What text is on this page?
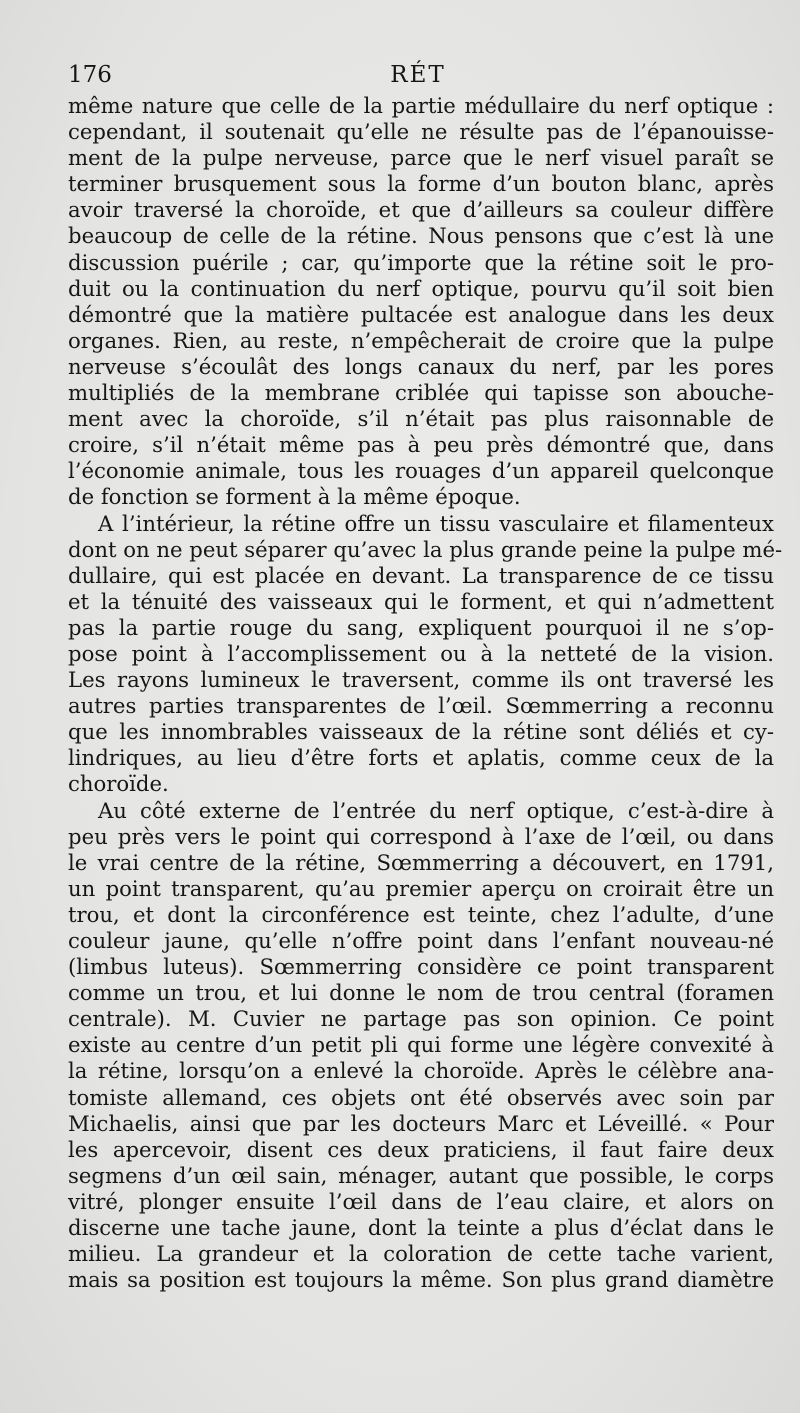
176	RÉT
même nature que celle de la partie médullaire du nerf optique :
cependant, il soutenait qu’elle ne résulte pas de l’épanouisse-
ment de la pulpe nerveuse, parce que le nerf visuel paraît se
terminer brusquement sous la forme d’un bouton blanc, après
avoir traversé la choroïde, et que d’ailleurs sa couleur diffère
beaucoup de celle de la rétine. Nous pensons que c’est là une
discussion puérile ; car, qu’importe que la rétine soit le pro-
duit ou la continuation du nerf optique, pourvu qu’il soit bien
démontré que la matière pultacée est analogue dans les deux
organes. Rien, au reste, n’empêcherait de croire que la pulpe
nerveuse s’écoulât des longs canaux du nerf, par les pores
multipliés de la membrane criblée qui tapisse son abouche-
ment avec la choroïde, s’il n’était pas plus raisonnable de
croire, s’il n’était même pas à peu près démontré que, dans
l’économie animale, tous les rouages d’un appareil quelconque
de fonction se forment à la même époque.
A l’intérieur, la rétine offre un tissu vasculaire et filamenteux
dont on ne peut séparer qu’avec la plus grande peine la pulpe mé-
dullaire, qui est placée en devant. La transparence de ce tissu
et la ténuité des vaisseaux qui le forment, et qui n’admettent
pas la partie rouge du sang, expliquent pourquoi il ne s’op-
pose point à l’accomplissement ou à la netteté de la vision.
Les rayons lumineux le traversent, comme ils ont traversé les
autres parties transparentes de l’œil. Sœmmerring a reconnu
que les innombrables vaisseaux de la rétine sont déliés et cy-
lindriques, au lieu d’être forts et aplatis, comme ceux de la
choroïde.
Au côté externe de l’entrée du nerf optique, c’est-à-dire à
peu près vers le point qui correspond à l’axe de l’œil, ou dans
le vrai centre de la rétine, Sœmmerring a découvert, en 1791,
un point transparent, qu’au premier aperçu on croirait être un
trou, et dont la circonférence est teinte, chez l’adulte, d’une
couleur jaune, qu’elle n’offre point dans l’enfant nouveau-né
(limbus luteus). Sœmmerring considère ce point transparent
comme un trou, et lui donne le nom de trou central (foramen
centrale). M. Cuvier ne partage pas son opinion. Ce point
existe au centre d’un petit pli qui forme une légère convexité à
la rétine, lorsqu’on a enlevé la choroïde. Après le célèbre ana-
tomiste allemand, ces objets ont été observés avec soin par
Michaelis, ainsi que par les docteurs Marc et Léveillé. « Pour
les apercevoir, disent ces deux praticiens, il faut faire deux
segmens d’un œil sain, ménager, autant que possible, le corps
vitré, plonger ensuite l’œil dans de l’eau claire, et alors on
discerne une tache jaune, dont la teinte a plus d’éclat dans le
milieu. La grandeur et la coloration de cette tache varient,
mais sa position est toujours la même. Son plus grand diamètre
